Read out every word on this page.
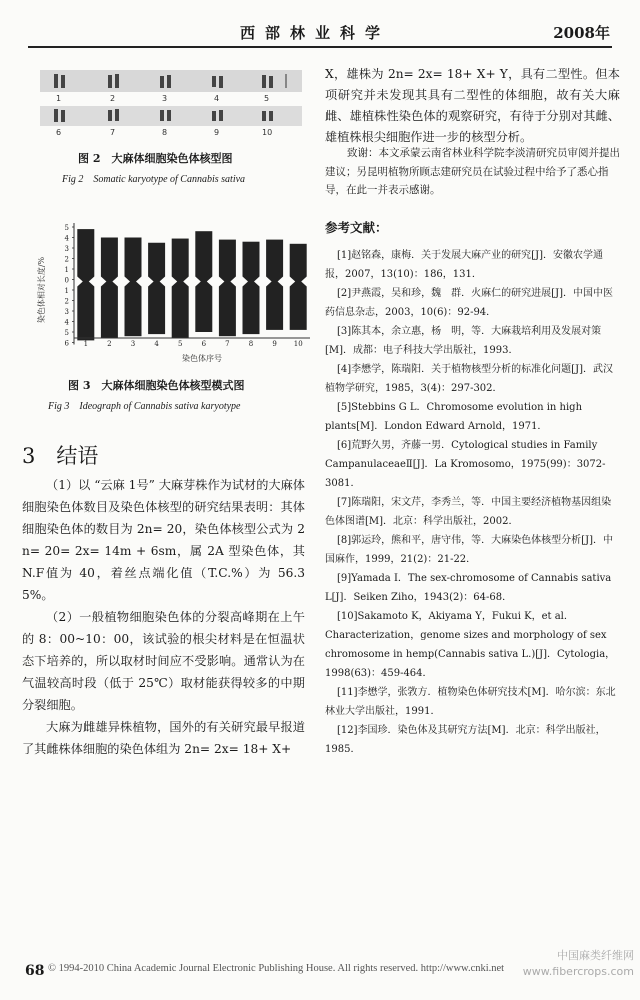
西部林业科学	2008年
1	2	3	4	5
6	7	8	9	10
图 2　大麻体细胞染色体核型图
Fig 2　Somatic karyotype of Cannabis sativa
5
4
3
2
1
0
1
2
3
4
5
6
染色体相对长度/%
1	2	3	4	5	6	7	8	9 10
染色体序号
图 3　大麻体细胞染色体核型模式图
Fig 3　Ideograph of Cannabis sativa karyotype
3　结语
（1）以 “云麻 1号” 大麻芽株作为试材的大麻体细胞染色体数目及染色体核型的研究结果表明：其体细胞染色体的数目为 2n= 20，染色体核型公式为 2n= 20= 2x= 14m + 6sm，属 2A 型染色体，其 N.F值为 40，着丝点端化值（T.C.%）为 56.35%。
（2）一般植物细胞染色体的分裂高峰期在上午的 8：00~10：00，该试验的根尖材料是在恒温状态下培养的，所以取材时间应不受影响。通常认为在气温较高时段（低于 25℃）取材能获得较多的中期分裂细胞。
大麻为雌雄异株植物，国外的有关研究最早报道了其雌株体细胞的染色体组为 2n= 2x= 18+ X+
X，雄株为 2n= 2x= 18+ X+ Y，具有二型性。但本项研究并未发现其具有二型性的体细胞，故有关大麻雌、雄植株性染色体的观察研究，有待于分别对其雌、雄植株根尖细胞作进一步的核型分析。
致谢：本文承蒙云南省林业科学院李淡清研究员审阅并提出建议；另昆明植物所顾志建研究员在试验过程中给予了悉心指导，在此一并表示感谢。
参考文献：
[1]赵铭森，康梅．关于发展大麻产业的研究[J]．安徽农学通报，2007，13(10)：186，131．
[2]尹燕霞，吴和珍，魏　群．火麻仁的研究进展[J]．中国中医药信息杂志，2003，10(6)：92-94．
[3]陈其本，余立惠，杨　明，等．大麻栽培利用及发展对策[M]．成都：电子科技大学出版社，1993．
[4]李懋学，陈瑞阳．关于植物核型分析的标准化问题[J]．武汉植物学研究，1985，3(4)：297-302．
[5]Stebbins G L．Chromosome evolution in high plants[M]．London Edward Arnold，1971．
[6]荒野久男，齐藤一男．Cytological studies in Family CampanulaceaeⅡ[J]．La Kromosomo，1975(99)：3072-3081．
[7]陈瑞阳，宋文芹，李秀兰，等．中国主要经济植物基因组染色体图谱[M]．北京：科学出版社，2002．
[8]郭运玲，熊和平，唐守伟，等．大麻染色体核型分析[J]．中国麻作，1999，21(2)：21-22．
[9]Yamada I．The sex-chromosome of Cannabis sativa L[J]．Seiken Ziho，1943(2)：64-68．
[10]Sakamoto K，Akiyama Y，Fukui K，et al．Characterization，genome sizes and morphology of sex chromosome in hemp(Cannabis sativa L.)[J]．Cytologia，1998(63)：459-464．
[11]李懋学，张敩方．植物染色体研究技术[M]．哈尔滨：东北林业大学出版社，1991．
[12]李国珍．染色体及其研究方法[M]．北京：科学出版社，1985．
68 © 1994-2010 China Academic Journal Electronic Publishing House. All rights reserved. http://www.cnki.net
中国麻类纤维网
www.fibercrops.com
